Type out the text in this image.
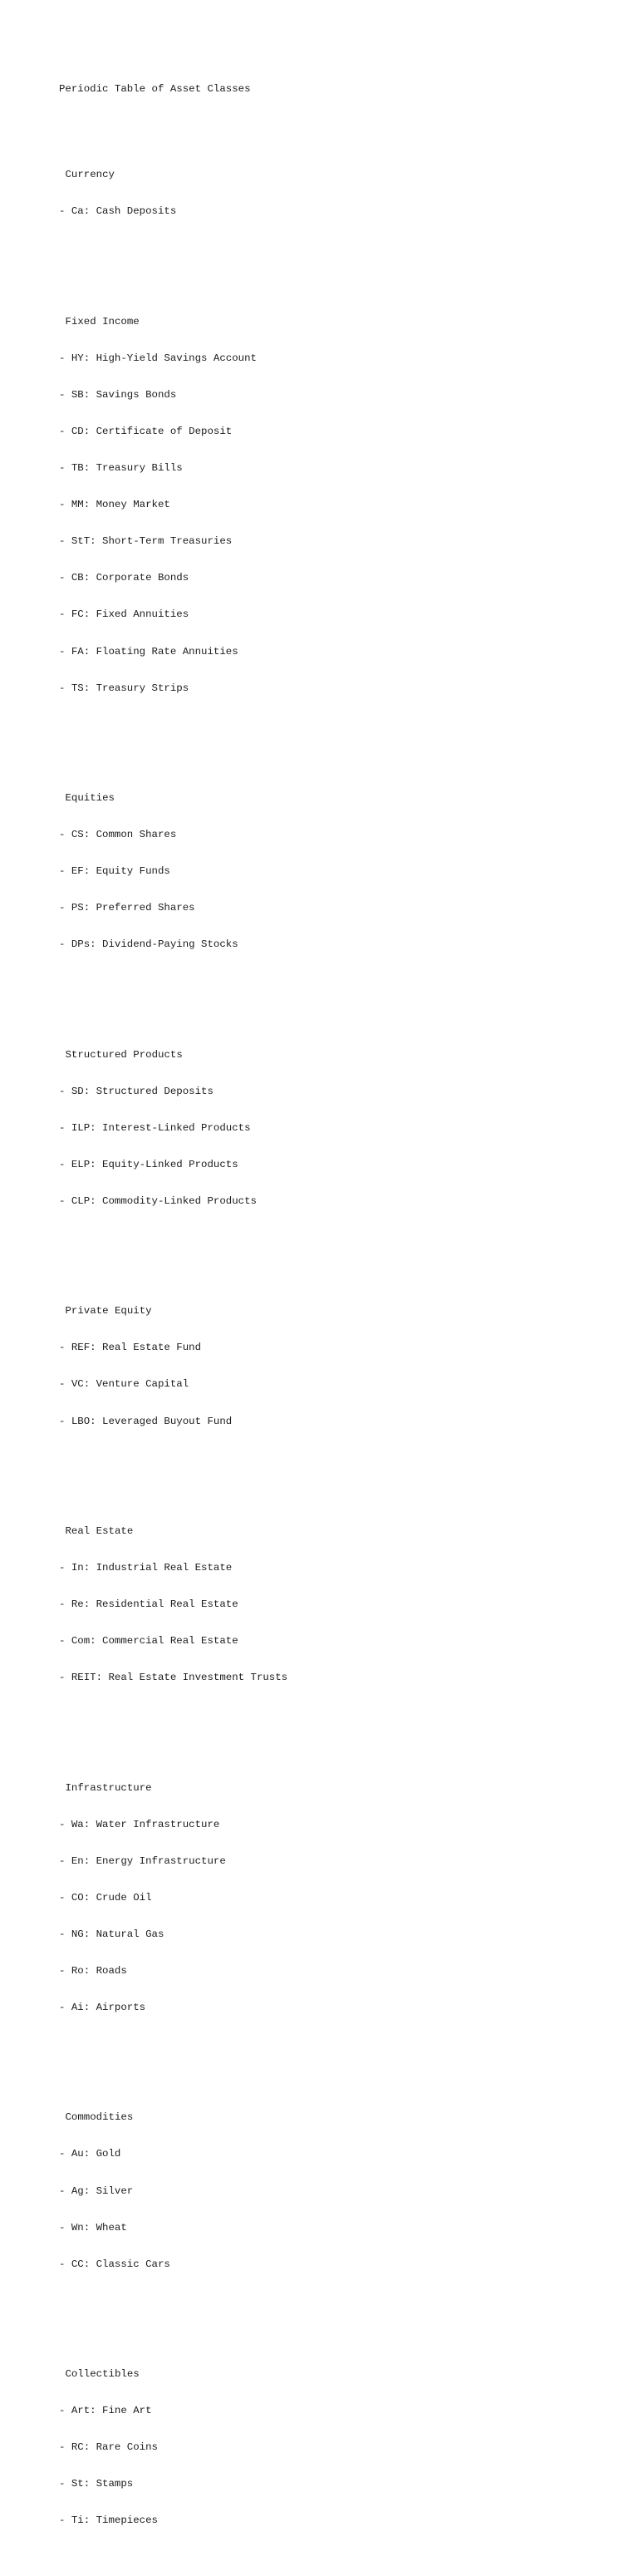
Periodic Table of Asset Classes

Currency

- Ca: Cash Deposits

Fixed Income

- HY: High-Yield Savings Account

- SB: Savings Bonds

- CD: Certificate of Deposit

- TB: Treasury Bills

- MM: Money Market

- StT: Short-Term Treasuries

- CB: Corporate Bonds

- FC: Fixed Annuities

- FA: Floating Rate Annuities

- TS: Treasury Strips

Equities

- CS: Common Shares

- EF: Equity Funds

- PS: Preferred Shares

- DPs: Dividend-Paying Stocks

Structured Products

- SD: Structured Deposits

- ILP: Interest-Linked Products

- ELP: Equity-Linked Products

- CLP: Commodity-Linked Products

Private Equity

- REF: Real Estate Fund

- VC: Venture Capital

- LBO: Leveraged Buyout Fund

Real Estate

- In: Industrial Real Estate

- Re: Residential Real Estate

- Com: Commercial Real Estate

- REIT: Real Estate Investment Trusts

Infrastructure

- Wa: Water Infrastructure

- En: Energy Infrastructure

- CO: Crude Oil

- NG: Natural Gas

- Ro: Roads

- Ai: Airports

Commodities

- Au: Gold

- Ag: Silver

- Wn: Wheat

- CC: Classic Cars

Collectibles

- Art: Fine Art

- RC: Rare Coins

- St: Stamps

- Ti: Timepieces
